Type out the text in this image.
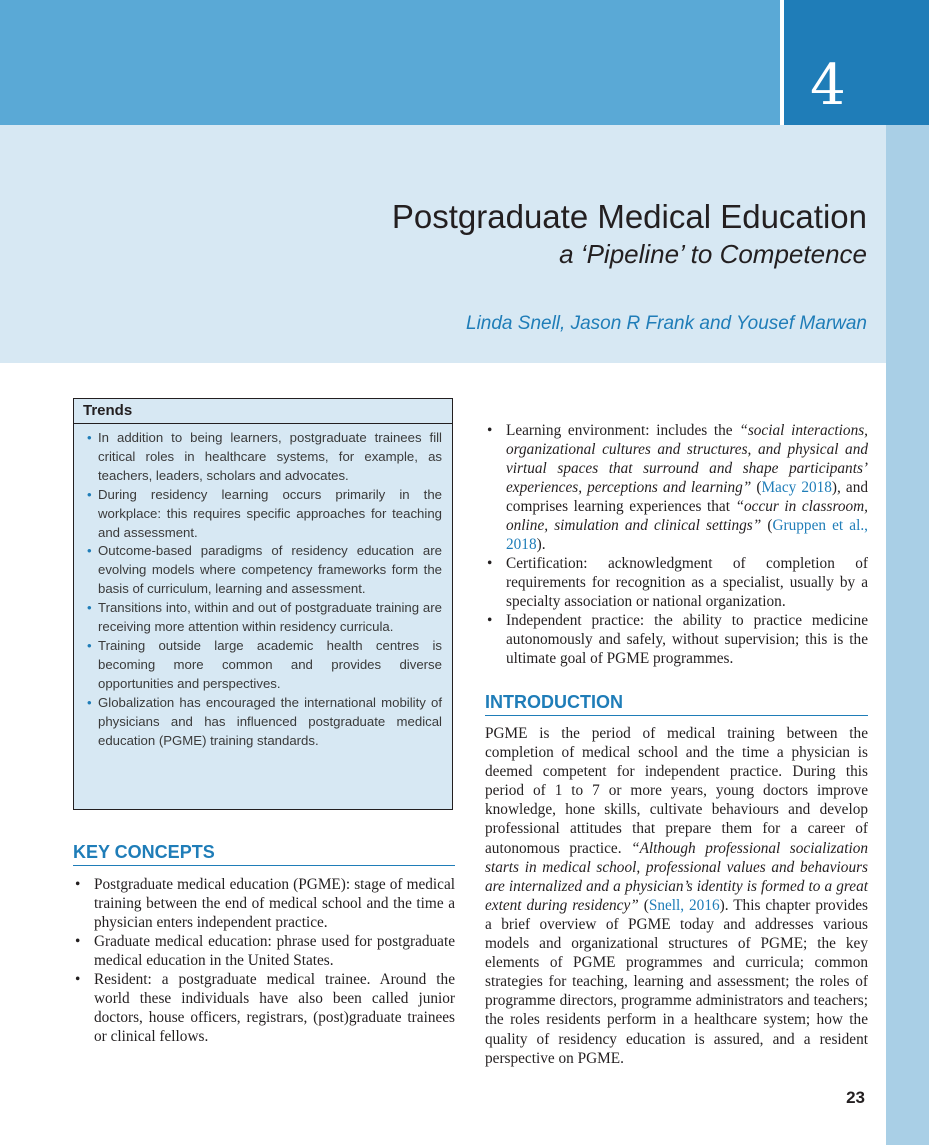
4
Postgraduate Medical Education
a ‘Pipeline’ to Competence
Linda Snell, Jason R Frank and Yousef Marwan
Trends
• In addition to being learners, postgraduate trainees fill critical roles in healthcare systems, for example, as teachers, leaders, scholars and advocates.
• During residency learning occurs primarily in the workplace: this requires specific approaches for teaching and assessment.
• Outcome-based paradigms of residency education are evolving models where competency frameworks form the basis of curriculum, learning and assessment.
• Transitions into, within and out of postgraduate training are receiving more attention within residency curricula.
• Training outside large academic health centres is becoming more common and provides diverse opportunities and perspectives.
• Globalization has encouraged the international mobility of physicians and has influenced postgraduate medical education (PGME) training standards.
KEY CONCEPTS
• Postgraduate medical education (PGME): stage of medical training between the end of medical school and the time a physician enters independent practice.
• Graduate medical education: phrase used for postgraduate medical education in the United States.
• Resident: a postgraduate medical trainee. Around the world these individuals have also been called junior doctors, house officers, registrars, (post)graduate trainees or clinical fellows.
• Learning environment: includes the “social interactions, organizational cultures and structures, and physical and virtual spaces that surround and shape participants’ experiences, perceptions and learning” (Macy 2018), and comprises learning experiences that “occur in classroom, online, simulation and clinical settings” (Gruppen et al., 2018).
• Certification: acknowledgment of completion of requirements for recognition as a specialist, usually by a specialty association or national organization.
• Independent practice: the ability to practice medicine autonomously and safely, without supervision; this is the ultimate goal of PGME programmes.
INTRODUCTION

PGME is the period of medical training between the completion of medical school and the time a physician is deemed competent for independent practice. During this period of 1 to 7 or more years, young doctors improve knowledge, hone skills, cultivate behaviours and develop professional attitudes that prepare them for a career of autonomous practice. “Although professional socialization starts in medical school, professional values and behaviours are internalized and a physician’s identity is formed to a great extent during residency” (Snell, 2016). This chapter provides a brief overview of PGME today and addresses various models and organizational structures of PGME; the key elements of PGME programmes and curricula; common strategies for teaching, learning and assessment; the roles of programme directors, programme administrators and teachers; the roles residents perform in a healthcare system; how the quality of residency education is assured, and a resident perspective on PGME.

23
